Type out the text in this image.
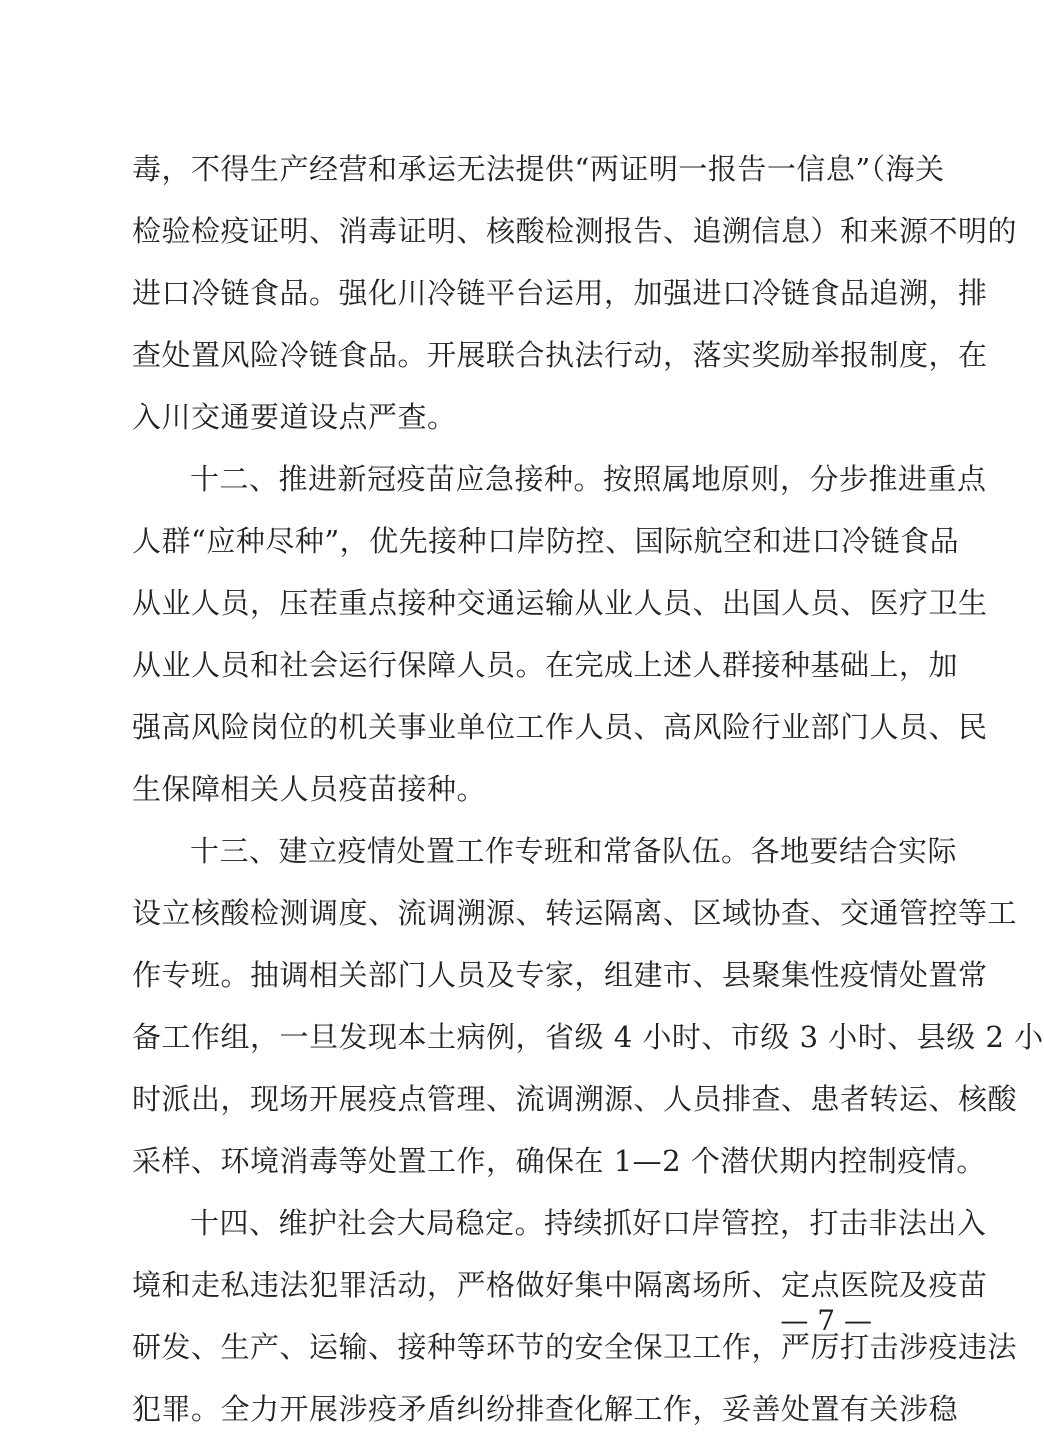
毒，不得生产经营和承运无法提供“两证明一报告一信息”（海关
检验检疫证明、消毒证明、核酸检测报告、追溯信息）和来源不明的
进口冷链食品。强化川冷链平台运用，加强进口冷链食品追溯，排
查处置风险冷链食品。开展联合执法行动，落实奖励举报制度，在
入川交通要道设点严查。
十二、推进新冠疫苗应急接种。按照属地原则，分步推进重点
人群“应种尽种”，优先接种口岸防控、国际航空和进口冷链食品
从业人员，压茬重点接种交通运输从业人员、出国人员、医疗卫生
从业人员和社会运行保障人员。在完成上述人群接种基础上，加
强高风险岗位的机关事业单位工作人员、高风险行业部门人员、民
生保障相关人员疫苗接种。
十三、建立疫情处置工作专班和常备队伍。各地要结合实际
设立核酸检测调度、流调溯源、转运隔离、区域协查、交通管控等工
作专班。抽调相关部门人员及专家，组建市、县聚集性疫情处置常
备工作组，一旦发现本土病例，省级 4 小时、市级 3 小时、县级 2 小
时派出，现场开展疫点管理、流调溯源、人员排查、患者转运、核酸
采样、环境消毒等处置工作，确保在 1—2 个潜伏期内控制疫情。
十四、维护社会大局稳定。持续抓好口岸管控，打击非法出入
境和走私违法犯罪活动，严格做好集中隔离场所、定点医院及疫苗
研发、生产、运输、接种等环节的安全保卫工作，严厉打击涉疫违法
犯罪。全力开展涉疫矛盾纠纷排查化解工作，妥善处置有关涉稳
— 7 —
